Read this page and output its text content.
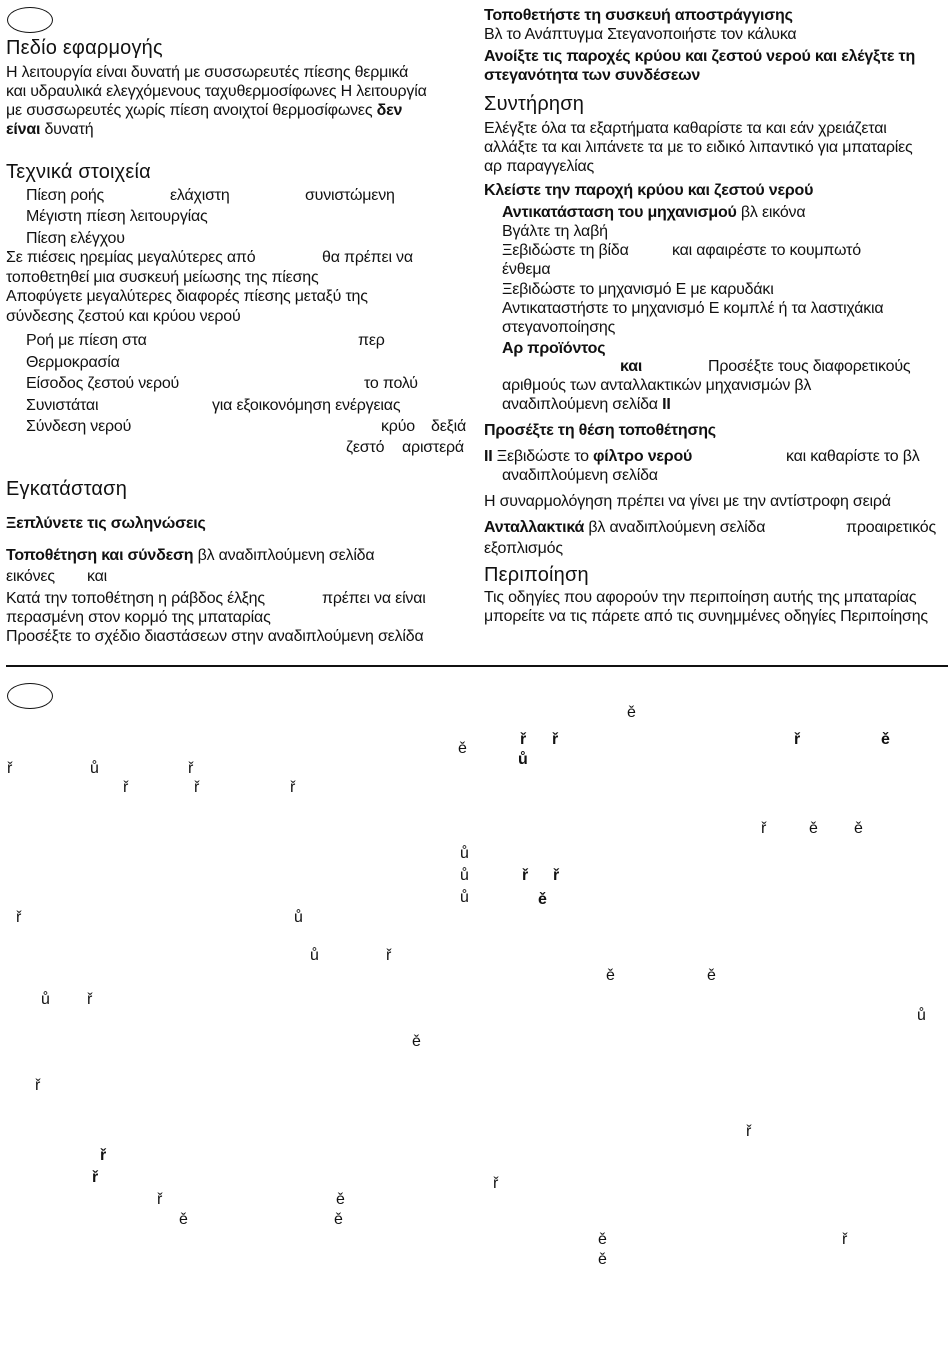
Πεδίο εφαρμογής
Η λειτουργία είναι δυνατή με συσσωρευτές πίεσης θερμικά
και υδραυλικά ελεγχόμενους ταχυθερμοσίφωνες Η λειτουργία
με συσσωρευτές χωρίς πίεση ανοιχτοί θερμοσίφωνες δεν
είναι δυνατή
Τεχνικά στοιχεία
Πίεση ροής	ελάχιστη	συνιστώμενη
Μέγιστη πίεση λειτουργίας
Πίεση ελέγχου
Σε πιέσεις ηρεμίας μεγαλύτερες από	θα πρέπει να
τοποθετηθεί μια συσκευή μείωσης της πίεσης
Αποφύγετε μεγαλύτερες διαφορές πίεσης μεταξύ της
σύνδεσης ζεστού και κρύου νερού
Ροή με πίεση στα	περ
Θερμοκρασία
Είσοδος ζεστού νερού	το πολύ
Συνιστάται	για εξοικονόμηση ενέργειας
Σύνδεση νερού	κρύο δεξιά
ζεστό αριστερά
Εγκατάσταση
Ξεπλύνετε τις σωληνώσεις
Τοποθέτηση και σύνδεση βλ αναδιπλούμενη σελίδα
εικόνες και
Κατά την τοποθέτηση η ράβδος έλξης	πρέπει να είναι
περασμένη στον κορμό της μπαταρίας
Προσέξτε το σχέδιο διαστάσεων στην αναδιπλούμενη σελίδα
Τοποθετήστε τη συσκευή αποστράγγισης
Βλ το Ανάπτυγμα Στεγανοποιήστε τον κάλυκα
Ανοίξτε τις παροχές κρύου και ζεστού νερού και ελέγξτε τη
στεγανότητα των συνδέσεων
Συντήρηση
Ελέγξτε όλα τα εξαρτήματα καθαρίστε τα και εάν χρειάζεται
αλλάξτε τα και λιπάνετε τα με το ειδικό λιπαντικό για μπαταρίες
αρ παραγγελίας
Κλείστε την παροχή κρύου και ζεστού νερού
Αντικατάσταση του μηχανισμού βλ εικόνα
Βγάλτε τη λαβή
Ξεβιδώστε τη βίδα	και αφαιρέστε το κουμπωτό
ένθεμα
Ξεβιδώστε το μηχανισμό Ε με καρυδάκι
Αντικαταστήστε το μηχανισμό Ε κομπλέ ή τα λαστιχάκια
στεγανοποίησης
Αρ προϊόντος
και	Προσέξτε τους διαφορετικούς
αριθμούς των ανταλλακτικών μηχανισμών βλ
αναδιπλούμενη σελίδα II
Προσέξτε τη θέση τοποθέτησης
II Ξεβιδώστε το φίλτρο νερού	και καθαρίστε το βλ
αναδιπλούμενη σελίδα
Η συναρμολόγηση πρέπει να γίνει με την αντίστροφη σειρά
Ανταλλακτικά βλ αναδιπλούμενη σελίδα	προαιρετικός
εξοπλισμός
Περιποίηση
Τις οδηγίες που αφορούν την περιποίηση αυτής της μπαταρίας
μπορείτε να τις πάρετε από τις συνημμένες οδηγίες Περιποίησης
ě
ě
ř ř	ř	ě
ů
ř	ů	ř
ř	ř	ř
ř	ě ě
ů
ů	ř ř
ů	ě
ř	ů
ů	ř
ě	ě
ů ř
ů
ě
ř
ř
ř
ř	ř
ř	ě
ě	ě
ě	ř
ě
